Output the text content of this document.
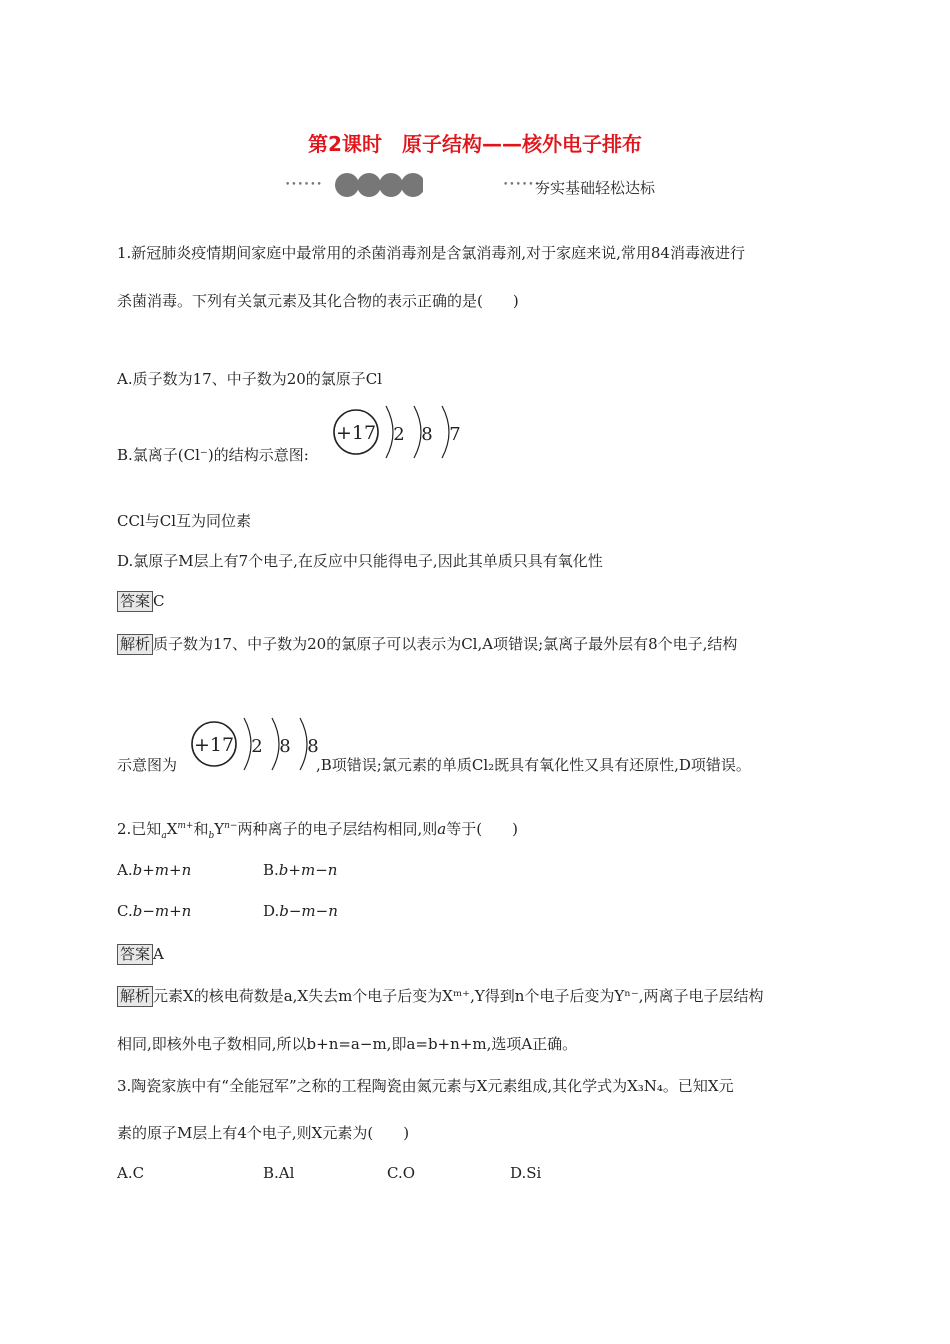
第2课时　原子结构——核外电子排布
••••••	••••••
夯实基础轻松达标
1.新冠肺炎疫情期间家庭中最常用的杀菌消毒剂是含氯消毒剂,对于家庭来说,常用84消毒液进行
杀菌消毒。下列有关氯元素及其化合物的表示正确的是(　　)
A.质子数为17、中子数为20的氯原子Cl
B.氯离子(Cl⁻)的结构示意图:
+17 2 8 7
CCl与Cl互为同位素
D.氯原子M层上有7个电子,在反应中只能得电子,因此其单质只具有氧化性
答案 C
解析 质子数为17、中子数为20的氯原子可以表示为Cl,A项错误;氯离子最外层有8个电子,结构
示意图为
+17 2 8 8
,B项错误;氯元素的单质Cl₂既具有氧化性又具有还原性,D项错误。
2.已知$_aX^{m+}$和$_bY^{n-}$两种离子的电子层结构相同,则a等于(　　)
A.b+m+n	B.b+m−n
C.b−m+n	D.b−m−n
答案 A
解析 元素X的核电荷数是a,X失去m个电子后变为Xᵐ⁺,Y得到n个电子后变为Yⁿ⁻,两离子电子层结构
相同,即核外电子数相同,所以b+n=a−m,即a=b+n+m,选项A正确。
3.陶瓷家族中有“全能冠军”之称的工程陶瓷由氮元素与X元素组成,其化学式为X₃N₄。已知X元
素的原子M层上有4个电子,则X元素为(　　)
A.C	B.Al	C.O	D.Si
